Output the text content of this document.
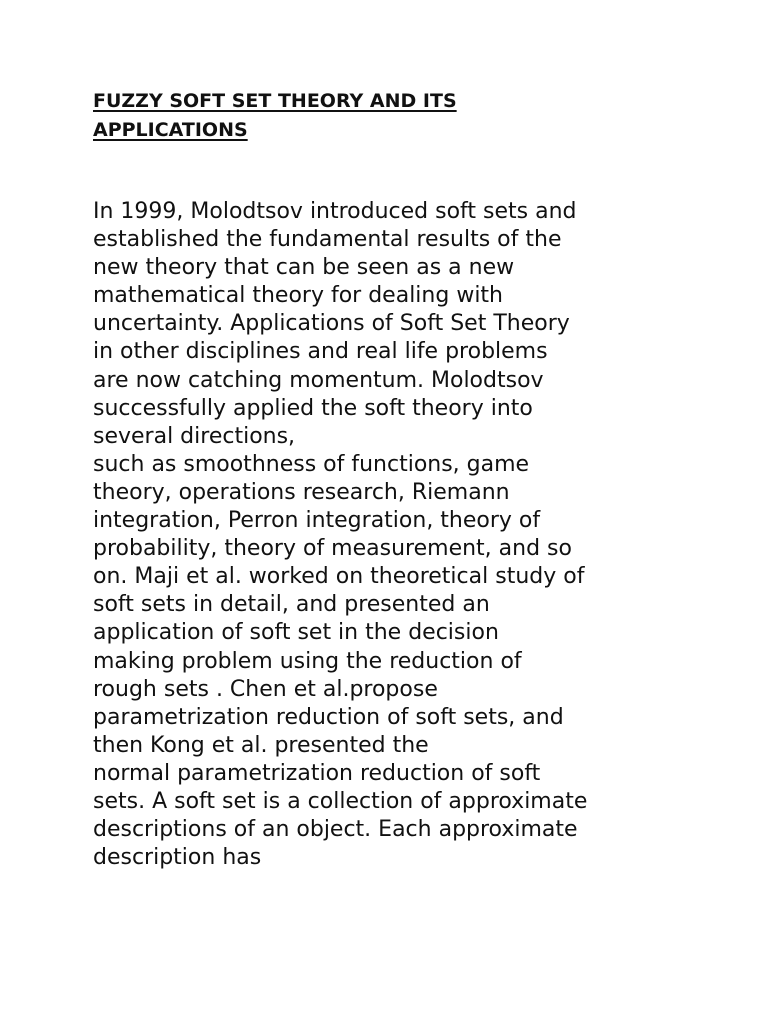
FUZZY SOFT SET THEORY AND ITS
APPLICATIONS

In 1999, Molodtsov introduced soft sets and
established the fundamental results of the
new theory that can be seen as a new
mathematical theory for dealing with
uncertainty. Applications of Soft Set Theory
in other disciplines and real life problems
are now catching momentum. Molodtsov
successfully applied the soft theory into
several directions,
such as smoothness of functions, game
theory, operations research, Riemann
integration, Perron integration, theory of
probability, theory of measurement, and so
on. Maji et al. worked on theoretical study of
soft sets in detail, and presented an
application of soft set in the decision
making problem using the reduction of
rough sets . Chen et al.propose
parametrization reduction of soft sets, and
then Kong et al. presented the
normal parametrization reduction of soft
sets. A soft set is a collection of approximate
descriptions of an object. Each approximate
description has
